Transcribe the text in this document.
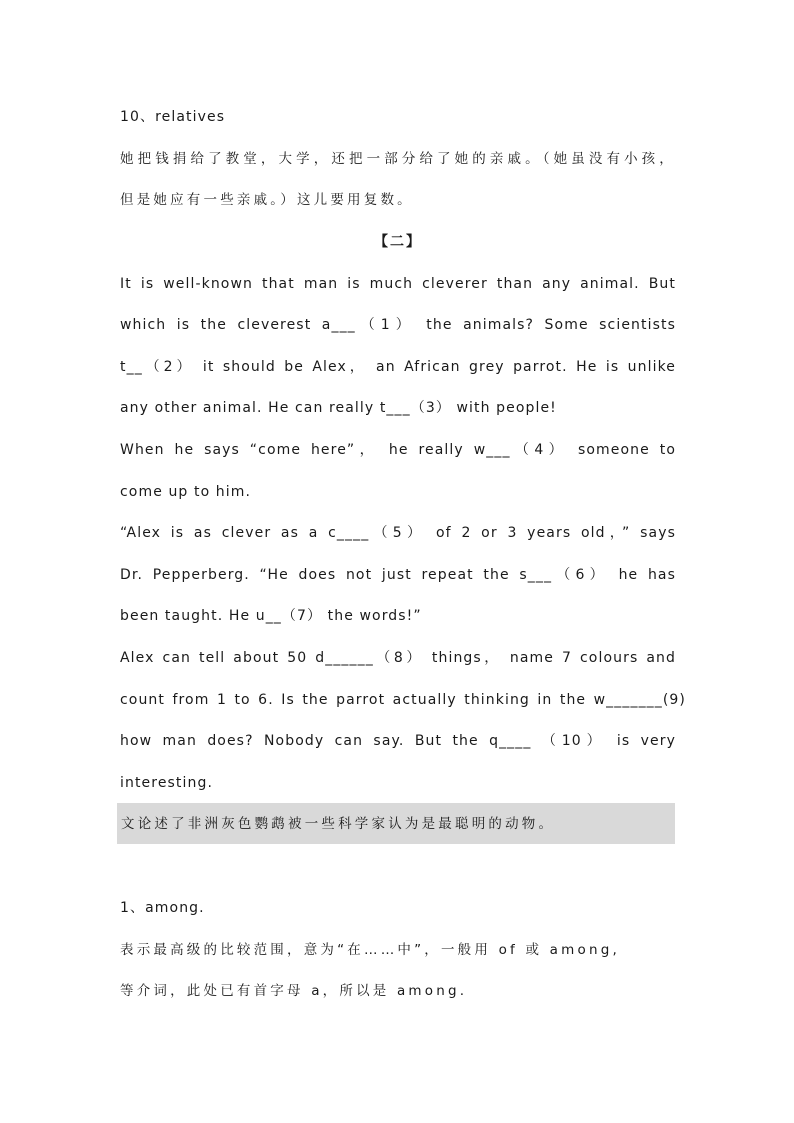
10、relatives
她把钱捐给了教堂，大学，还把一部分给了她的亲戚。（她虽没有小孩，
但是她应有一些亲戚。）这儿要用复数。
【二】
It is well-known that man is much cleverer than any animal. But
which is the cleverest a___（1） the animals? Some scientists
t__（2） it should be Alex， an African grey parrot. He is unlike
any other animal. He can really t___（3） with people!
When he says “come here”， he really w___（4） someone to
come up to him.
“Alex is as clever as a c____（5） of 2 or 3 years old，” says
Dr. Pepperberg. “He does not just repeat the s___（6） he has
been taught. He u__（7） the words!”
Alex can tell about 50 d______（8） things， name 7 colours and
count from 1 to 6. Is the parrot actually thinking in the w_______(9)
how man does? Nobody can say. But the q____ （10） is very
interesting.
文论述了非洲灰色鹦鹉被一些科学家认为是最聪明的动物。
1、among.
表示最高级的比较范围，意为“在……中”，一般用 of 或 among,
等介词，此处已有首字母 a，所以是 among.
